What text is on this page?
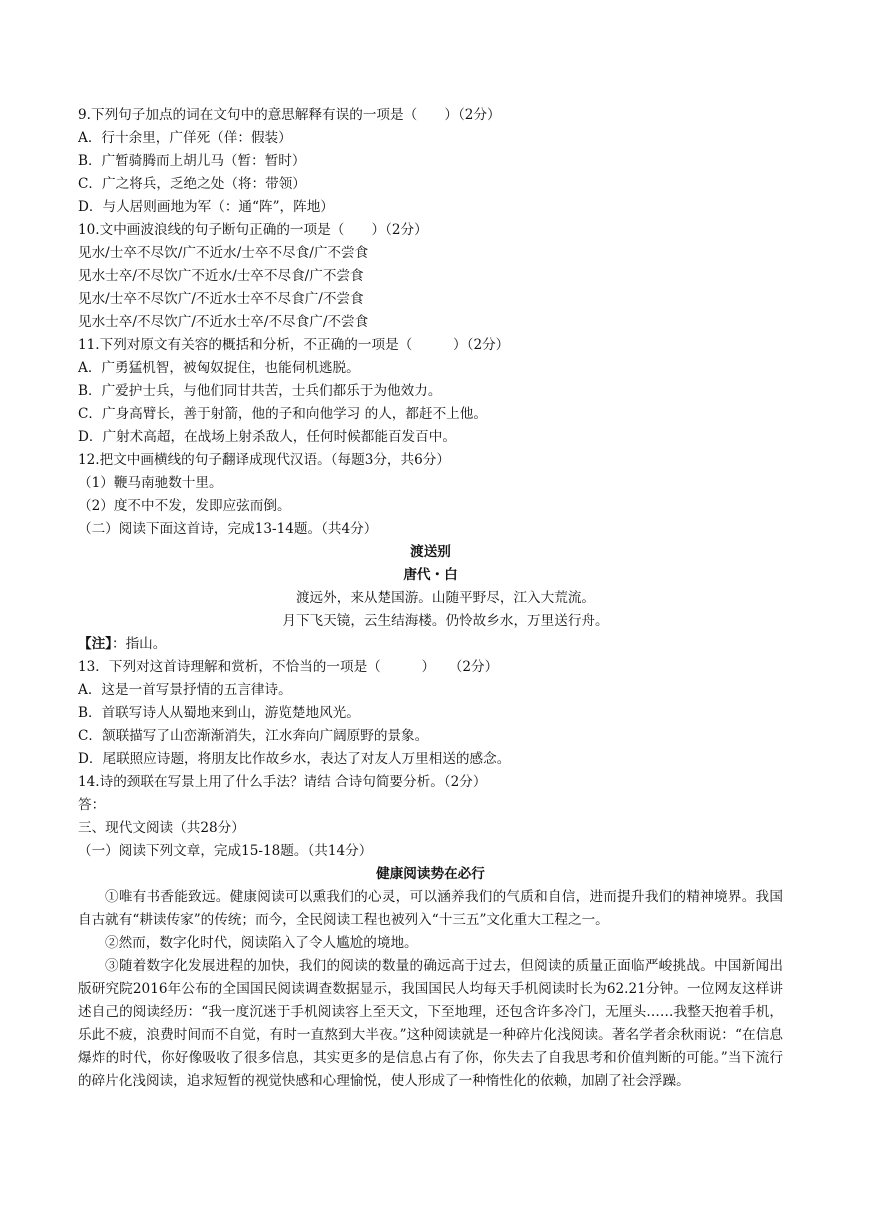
9.下列句子加点的词在文句中的意思解释有误的一项是（　　）（2分）
A．行十余里，广佯死（佯：假装）
B．广暂骑腾而上胡儿马（暂：暂时）
C．广之将兵，乏绝之处（将：带领）
D．与人居则画地为军（：通“阵”，阵地）
10.文中画波浪线的句子断句正确的一项是（　　）（2分）
见水/士卒不尽饮/广不近水/士卒不尽食/广不尝食
见水士卒/不尽饮广不近水/士卒不尽食/广不尝食
见水/士卒不尽饮广/不近水士卒不尽食广/不尝食
见水士卒/不尽饮广/不近水士卒/不尽食广/不尝食
11.下列对原文有关容的概括和分析，不正确的一项是（　　　）（2分）
A．广勇猛机智，被匈奴捉住，也能伺机逃脱。
B．广爱护士兵，与他们同甘共苦，士兵们都乐于为他效力。
C．广身高臂长，善于射箭，他的子和向他学习 的人，都赶不上他。
D．广射术高超，在战场上射杀敌人，任何时候都能百发百中。
12.把文中画横线的句子翻译成现代汉语。（每题3分，共6分）
（1）鞭马南驰数十里。
（2）度不中不发，发即应弦而倒。
（二）阅读下面这首诗，完成13-14题。（共4分）
渡送别
唐代・白
渡远外，来从楚国游。山随平野尽，江入大荒流。
月下飞天镜，云生结海楼。仍怜故乡水，万里送行舟。
【注】：指山。
13．下列对这首诗理解和赏析，不恰当的一项是（　　　）　　（2分）
A．这是一首写景抒情的五言律诗。
B．首联写诗人从蜀地来到山，游览楚地风光。
C．颔联描写了山峦渐渐消失，江水奔向广阔原野的景象。
D．尾联照应诗题，将朋友比作故乡水，表达了对友人万里相送的感念。
14.诗的颈联在写景上用了什么手法？请结 合诗句简要分析。（2分）
答：
三、现代文阅读（共28分）
（一）阅读下列文章，完成15-18题。（共14分）
健康阅读势在必行
①唯有书香能致远。健康阅读可以熏我们的心灵，可以涵养我们的气质和自信，进而提升我们的精神境界。我国自古就有“耕读传家”的传统；而今，全民阅读工程也被列入“十三五”文化重大工程之一。
②然而，数字化时代，阅读陷入了令人尴尬的境地。
③随着数字化发展进程的加快，我们的阅读的数量的确远高于过去，但阅读的质量正面临严峻挑战。中国新闻出版研究院2016年公布的全国国民阅读调查数据显示，我国国民人均每天手机阅读时长为62.21分钟。一位网友这样讲述自己的阅读经历：“我一度沉迷于手机阅读容上至天文，下至地理，还包含许多冷门，无厘头……我整天抱着手机，乐此不疲，浪费时间而不自觉，有时一直熬到大半夜。”这种阅读就是一种碎片化浅阅读。著名学者余秋雨说：“在信息爆炸的时代，你好像吸收了很多信息，其实更多的是信息占有了你，你失去了自我思考和价值判断的可能。”当下流行的碎片化浅阅读，追求短暂的视觉快感和心理愉悦，使人形成了一种惰性化的依赖，加剧了社会浮躁。
